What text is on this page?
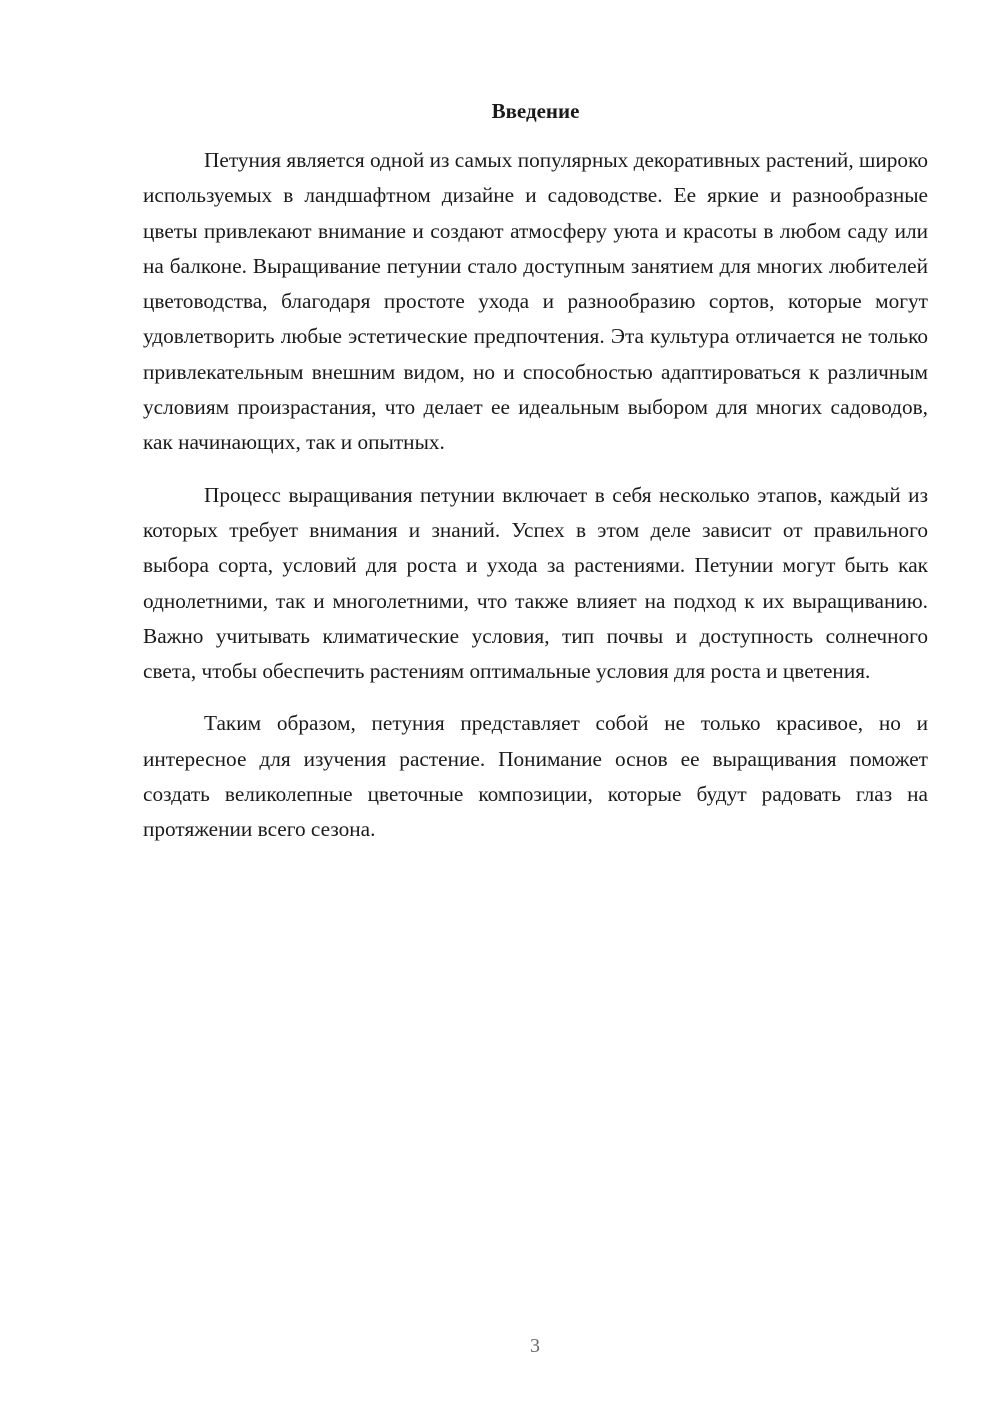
Введение

Петуния является одной из самых популярных декоративных растений, широко используемых в ландшафтном дизайне и садоводстве. Ее яркие и разнообразные цветы привлекают внимание и создают атмосферу уюта и красоты в любом саду или на балконе. Выращивание петунии стало доступным занятием для многих любителей цветоводства, благодаря простоте ухода и разнообразию сортов, которые могут удовлетворить любые эстетические предпочтения. Эта культура отличается не только привлекательным внешним видом, но и способностью адаптироваться к различным условиям произрастания, что делает ее идеальным выбором для многих садоводов, как начинающих, так и опытных.

Процесс выращивания петунии включает в себя несколько этапов, каждый из которых требует внимания и знаний. Успех в этом деле зависит от правильного выбора сорта, условий для роста и ухода за растениями. Петунии могут быть как однолетними, так и многолетними, что также влияет на подход к их выращиванию. Важно учитывать климатические условия, тип почвы и доступность солнечного света, чтобы обеспечить растениям оптимальные условия для роста и цветения.

Таким образом, петуния представляет собой не только красивое, но и интересное для изучения растение. Понимание основ ее выращивания поможет создать великолепные цветочные композиции, которые будут радовать глаз на протяжении всего сезона.

3
